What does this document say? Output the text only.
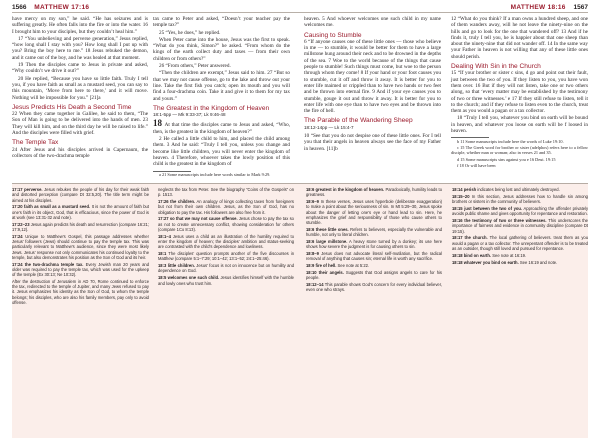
1566 MATTHEW 17:16	MATTHEW 18:16 1567

have mercy on my son,” he said. “He has seizures and is suffering greatly. He often falls into the fire or into the water. 16 I brought him to your disciples, but they couldn’t heal him.”

17 “You unbelieving and perverse generation,” Jesus replied, “how long shall I stay with you? How long shall I put up with you? Bring the boy here to me.” 18 Jesus rebuked the demon, and it came out of the boy, and he was healed at that moment.

19 Then the disciples came to Jesus in private and asked, “Why couldn’t we drive it out?”

20 He replied, “Because you have so little faith. Truly I tell you, if you have faith as small as a mustard seed, you can say to this mountain, ‘Move from here to there,’ and it will move. Nothing will be impossible for you.” [21]a

Jesus Predicts His Death a Second Time

22 When they came together in Galilee, he said to them, “The Son of Man is going to be delivered into the hands of men. 23 They will kill him, and on the third day he will be raised to life.” And the disciples were filled with grief.

The Temple Tax

24 After Jesus and his disciples arrived in Capernaum, the collectors of the two-drachma temple

tax came to Peter and asked, “Doesn’t your teacher pay the temple tax?”

25 “Yes, he does,” he replied.

When Peter came into the house, Jesus was the first to speak. “What do you think, Simon?” he asked. “From whom do the kings of the earth collect duty and taxes — from their own children or from others?”

26 “From others,” Peter answered.

“Then the children are exempt,” Jesus said to him. 27 “But so that we may not cause offense, go to the lake and throw out your line. Take the first fish you catch; open its mouth and you will find a four-drachma coin. Take it and give it to them for my tax and yours.”

The Greatest in the Kingdom of Heaven
18:1-5pp — Mk 9:33-37; Lk 9:46-48

18 At that time the disciples came to Jesus and asked, “Who, then, is the greatest in the kingdom of heaven?”

2 He called a little child to him, and placed the child among them. 3 And he said: “Truly I tell you, unless you change and become like little children, you will never enter the kingdom of heaven. 4 Therefore, whoever takes the lowly position of this child is the greatest in the kingdom of

a 21 Some manuscripts include here words similar to Mark 9:29.

heaven. 5 And whoever welcomes one such child in my name welcomes me.

Causing to Stumble

6 “If anyone causes one of these little ones — those who believe in me — to stumble, it would be better for them to have a large millstone hung around their neck and to be drowned in the depths of the sea. 7 Woe to the world because of the things that cause people to stumble! Such things must come, but woe to the person through whom they come! 8 If your hand or your foot causes you to stumble, cut it off and throw it away. It is better for you to enter life maimed or crippled than to have two hands or two feet and be thrown into eternal fire. 9 And if your eye causes you to stumble, gouge it out and throw it away. It is better for you to enter life with one eye than to have two eyes and be thrown into the fire of hell.

The Parable of the Wandering Sheep
18:12-14pp — Lk 15:4-7

10 “See that you do not despise one of these little ones. For I tell you that their angels in heaven always see the face of my Father in heaven. [11]b

12 “What do you think? If a man owns a hundred sheep, and one of them wanders away, will he not leave the ninety-nine on the hills and go to look for the one that wandered off? 13 And if he finds it, truly I tell you, he is happier about that one sheep than about the ninety-nine that did not wander off. 14 In the same way your Father in heaven is not willing that any of these little ones should perish.

Dealing With Sin in the Church

15 “If your brother or sister c sins, d go and point out their fault, just between the two of you. If they listen to you, you have won them over. 16 But if they will not listen, take one or two others along, so that ‘every matter may be established by the testimony of two or three witnesses.’ e 17 If they still refuse to listen, tell it to the church; and if they refuse to listen even to the church, treat them as you would a pagan or a tax collector.

18 “Truly I tell you, whatever you bind on earth will be bound in heaven, and whatever you loose on earth will be f loosed in heaven.

b 11 Some manuscripts include here the words of Luke 19:10.

c 15 The Greek word for brother or sister (adelphos) refers here to a fellow disciple, whether man or woman; also in verses 21 and 35.

d 15 Some manuscripts sins against you e 16 Deut. 19:15

f 18 Or will have been

17:17 perverse. Jesus rebukes the people of his day for their weak faith and distorted perception (compare Dt 32:5,20). The title term might be aimed at his disciples.

17:20 faith as small as a mustard seed. It is not the amount of faith but one’s faith in its object, God, that is efficacious, since the power of God is at work (see 13:31-32 and note).

17:22–23 Jesus again predicts his death and resurrection (compare 16:21; 17:9,12).

17:24 Unique to Matthew’s Gospel, this passage addresses whether Jesus’ followers (Jews) should continue to pay the temple tax. This was particularly relevant to Matthew’s audience, since they were most likely Jews. Jesus’ response not only communicates his continued loyalty to the temple, but also demonstrates his position as the Son of God and its heir.

17:24 the two-drachma temple tax. Every Jewish man 20 years and older was required to pay the temple tax, which was used for the upkeep of the temple (Ex 30:13; Ne 10:32).

After the destruction of Jerusalem in AD 70, Rome continued to enforce the tax, redirected to the temple of Jupiter, and many Jews refused to pay it. Jesus emphasizes his identity as the Son of God, to whom the temple belongs; his disciples, who are also his family members, pay only to avoid offense.

neglects the tax from Peter. See the biography “Coins of the Gospels” on p. 1513.

17:26 the children. An analogy of kings collecting taxes from foreigners but not from their own children. Jesus, as the Son of God, has no obligation to pay the tax. His followers are also free from it.

17:27 so that we may not cause offense. Jesus chose to pay the tax so as not to create unnecessary conflict, showing consideration for others (compare 1Co 8:13).

18:1–4 Jesus uses a child as an illustration of the humility required to enter the kingdom of heaven; the disciples’ ambition and status-seeking are contrasted with the child’s dependence and lowliness.

18:1 The disciples’ question prompts another of the five discourses in Matthew (compare 5:1–7:29; 10:1–42; 13:1–52; 24:1–25:46).

18:3 little children. Jesus’ focus is not on innocence but on humility and dependence on God.

18:5 welcomes one such child. Jesus identifies himself with the humble and lowly ones who trust him.

18:6 greatest in the kingdom of heaven. Paradoxically, humility leads to greatness.

18:6–9 In these verses, Jesus uses hyperbole (deliberate exaggeration) to make a point about the seriousness of sin. In Mt 5:29–30, Jesus spoke about the danger of letting one’s eye or hand lead to sin. Here, he emphasizes the grief and responsibility of those who cause others to stumble.

18:6 these little ones. Refers to believers, especially the vulnerable and humble, not only to literal children.

18:6 large millstone. A heavy stone turned by a donkey; its use here shows how severe the judgment is for causing others to sin.

18:8–9 Jesus does not advocate literal self-mutilation, but the radical removal of anything that causes sin; eternal life is worth any sacrifice.

18:9 fire of hell. See note at 5:22.

18:10 their angels. Suggests that God assigns angels to care for his people.

18:12–14 This parable shows God’s concern for every individual believer, even one who strays.

18:14 perish indicates being lost and ultimately destroyed.

18:15–20 In this section, Jesus addresses how to handle sin among brothers or sisters in the community of believers.

18:15 just between the two of you. Approaching the offender privately avoids public shame and gives opportunity for repentance and restoration.

18:16 the testimony of two or three witnesses. This underscores the importance of fairness and evidence in community discipline (compare Dt 19:15).

18:17 the church. The local gathering of believers. treat them as you would a pagan or a tax collector. The unrepentant offender is to be treated as an outsider, though still loved and pursued for repentance.

18:18 bind on earth. See note at 16:19.

18:18 whatever you bind on earth. See 16:19 and note.
